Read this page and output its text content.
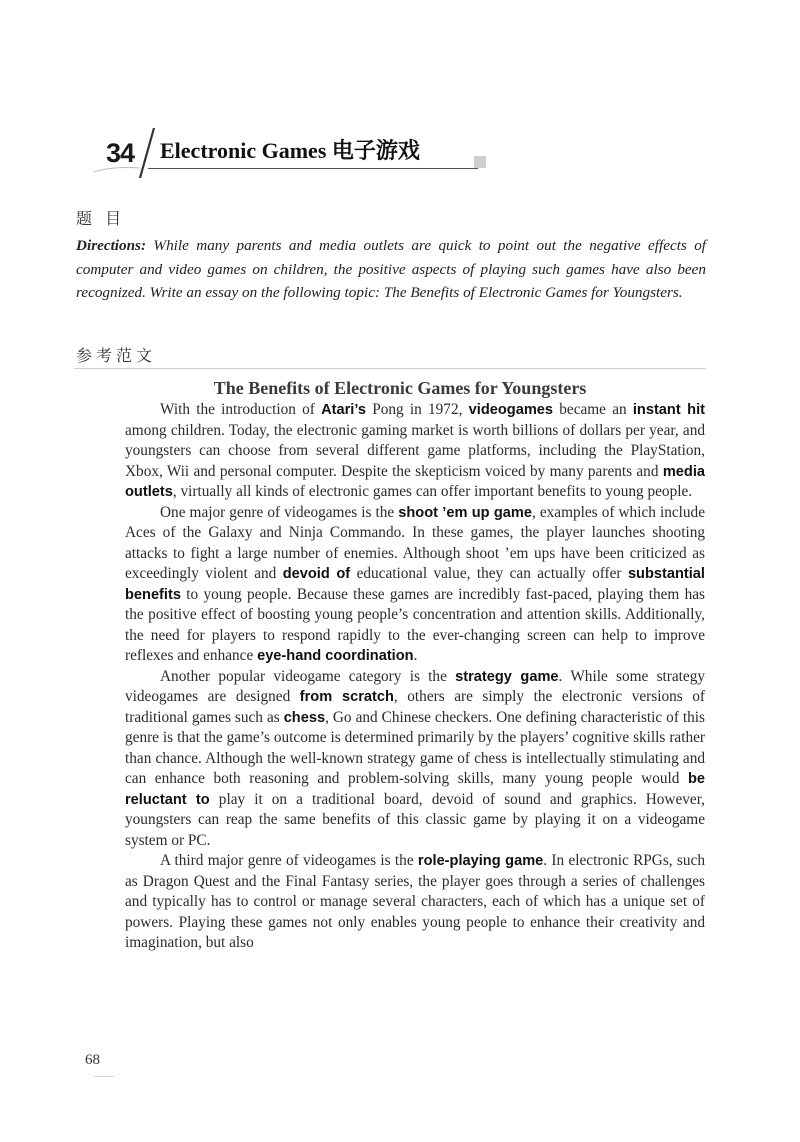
34 Electronic Games 电子游戏
题 目

Directions: While many parents and media outlets are quick to point out the negative effects of computer and video games on children, the positive aspects of playing such games have also been recognized. Write an essay on the following topic: The Benefits of Electronic Games for Youngsters.

参考范文
The Benefits of Electronic Games for Youngsters

With the introduction of Atari’s Pong in 1972, videogames became an instant hit among children. Today, the electronic gaming market is worth billions of dollars per year, and youngsters can choose from several different game platforms, including the PlayStation, Xbox, Wii and personal computer. Despite the skepticism voiced by many parents and media outlets, virtually all kinds of electronic games can offer important benefits to young people.

One major genre of videogames is the shoot ’em up game, examples of which include Aces of the Galaxy and Ninja Commando. In these games, the player launches shooting attacks to fight a large number of enemies. Although shoot ’em ups have been criticized as exceedingly violent and devoid of educational value, they can actually offer substantial benefits to young people. Because these games are incredibly fast-paced, playing them has the positive effect of boosting young people’s concentration and attention skills. Additionally, the need for players to respond rapidly to the ever-changing screen can help to improve reflexes and enhance eye-hand coordination.

Another popular videogame category is the strategy game. While some strategy videogames are designed from scratch, others are simply the electronic versions of traditional games such as chess, Go and Chinese checkers. One defining characteristic of this genre is that the game’s outcome is determined primarily by the players’ cognitive skills rather than chance. Although the well-known strategy game of chess is intellectually stimulating and can enhance both reasoning and problem-solving skills, many young people would be reluctant to play it on a traditional board, devoid of sound and graphics. However, youngsters can reap the same benefits of this classic game by playing it on a videogame system or PC.

A third major genre of videogames is the role-playing game. In electronic RPGs, such as Dragon Quest and the Final Fantasy series, the player goes through a series of challenges and typically has to control or manage several characters, each of which has a unique set of powers. Playing these games not only enables young people to enhance their creativity and imagination, but also

68
